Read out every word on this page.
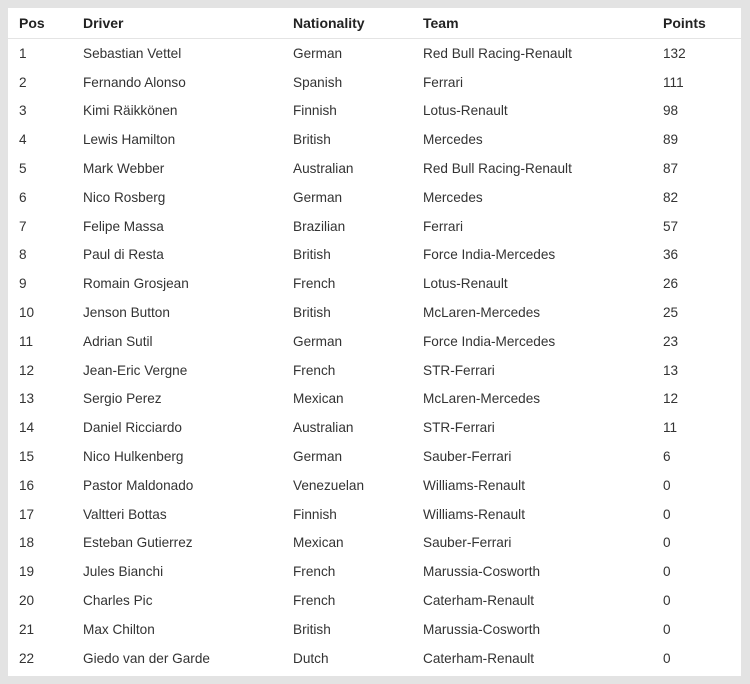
Pos	Driver	Nationality	Team	Points
1	Sebastian Vettel	German	Red Bull Racing-Renault	132
2	Fernando Alonso	Spanish	Ferrari	111
3	Kimi Räikkönen	Finnish	Lotus-Renault	98
4	Lewis Hamilton	British	Mercedes	89
5	Mark Webber	Australian	Red Bull Racing-Renault	87
6	Nico Rosberg	German	Mercedes	82
7	Felipe Massa	Brazilian	Ferrari	57
8	Paul di Resta	British	Force India-Mercedes	36
9	Romain Grosjean	French	Lotus-Renault	26
10	Jenson Button	British	McLaren-Mercedes	25
11	Adrian Sutil	German	Force India-Mercedes	23
12	Jean-Eric Vergne	French	STR-Ferrari	13
13	Sergio Perez	Mexican	McLaren-Mercedes	12
14	Daniel Ricciardo	Australian	STR-Ferrari	11
15	Nico Hulkenberg	German	Sauber-Ferrari	6
16	Pastor Maldonado	Venezuelan	Williams-Renault	0
17	Valtteri Bottas	Finnish	Williams-Renault	0
18	Esteban Gutierrez	Mexican	Sauber-Ferrari	0
19	Jules Bianchi	French	Marussia-Cosworth	0
20	Charles Pic	French	Caterham-Renault	0
21	Max Chilton	British	Marussia-Cosworth	0
22	Giedo van der Garde	Dutch	Caterham-Renault	0
